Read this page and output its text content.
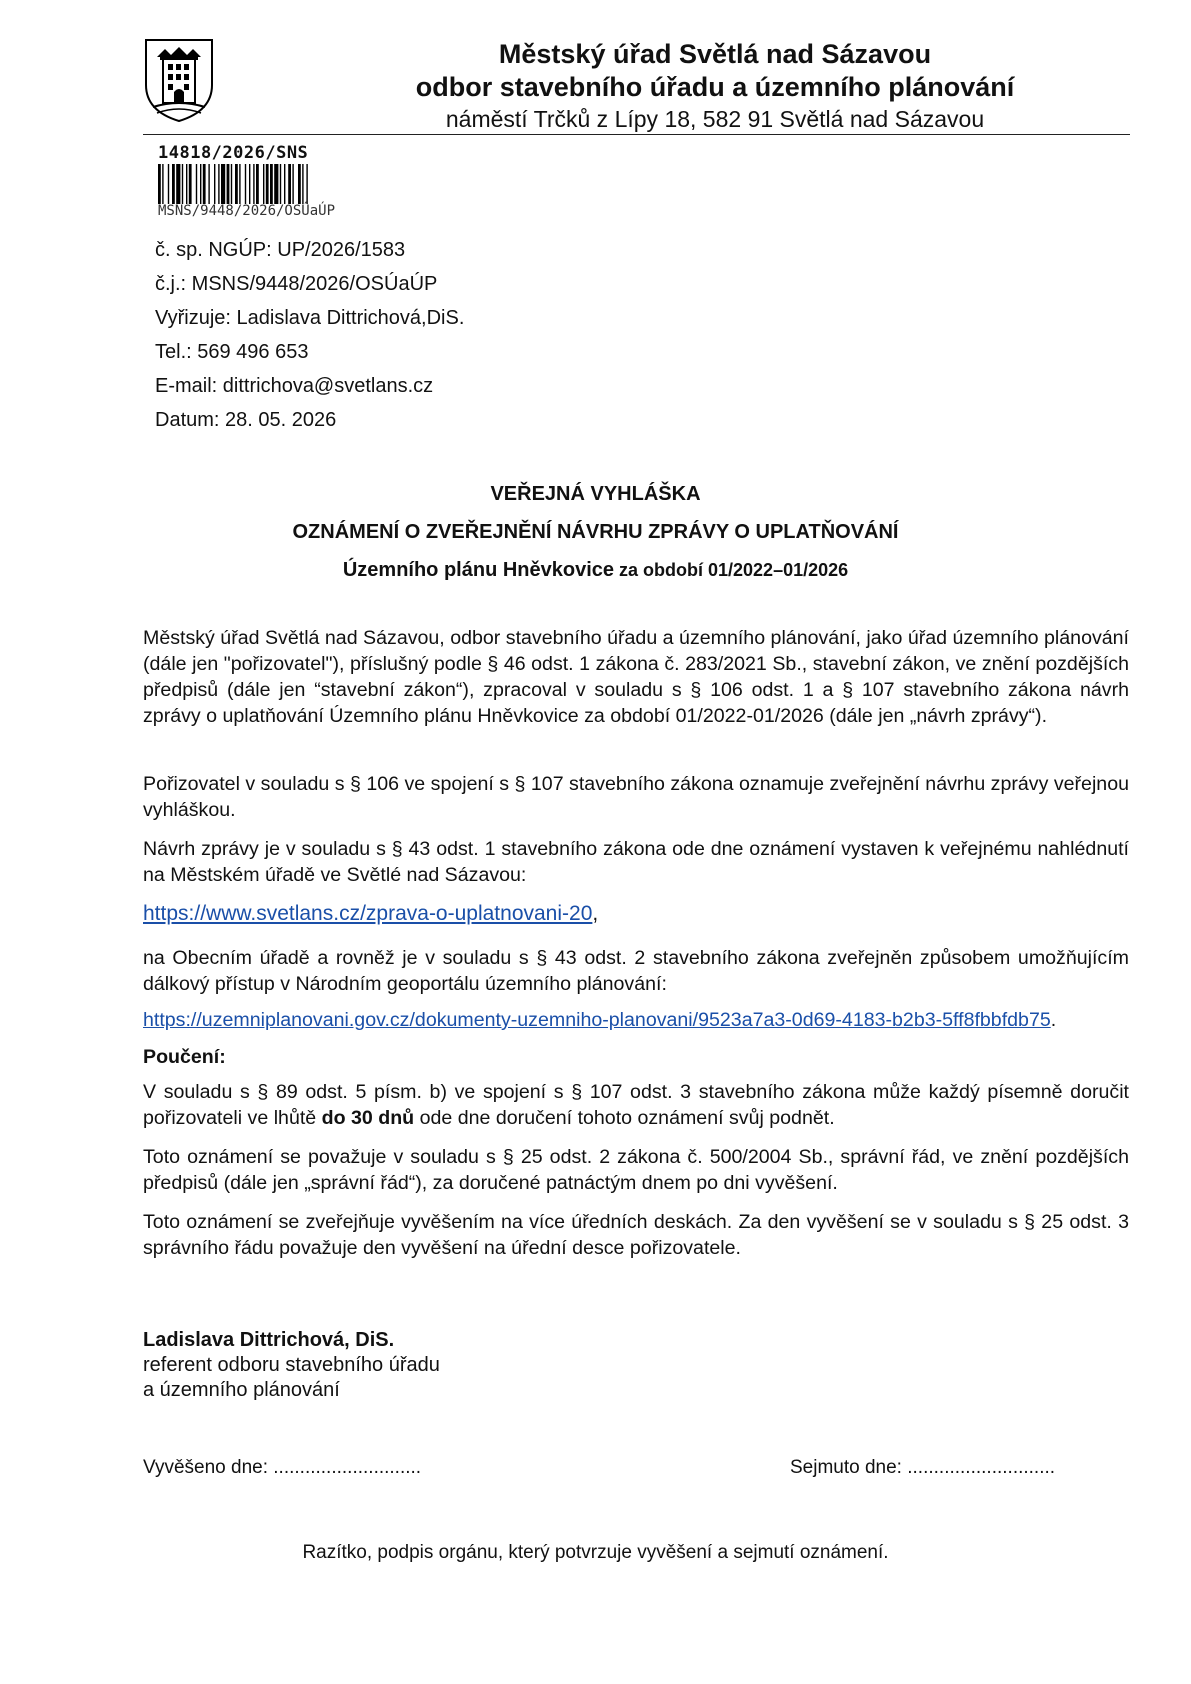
Městský úřad Světlá nad Sázavou
odbor stavebního úřadu a územního plánování
náměstí Trčků z Lípy 18, 582 91 Světlá nad Sázavou
14818/2026/SNS
MSNS/9448/2026/OSÚaÚP
č. sp. NGÚP: UP/2026/1583
č.j.: MSNS/9448/2026/OSÚaÚP
Vyřizuje: Ladislava Dittrichová,DiS.
Tel.: 569 496 653
E-mail: dittrichova@svetlans.cz
Datum: 28. 05. 2026
VEŘEJNÁ VYHLÁŠKA
OZNÁMENÍ O ZVEŘEJNĚNÍ NÁVRHU ZPRÁVY O UPLATŇOVÁNÍ
Územního plánu Hněvkovice za období 01/2022–01/2026
Městský úřad Světlá nad Sázavou, odbor stavebního úřadu a územního plánování, jako úřad územního plánování (dále jen "pořizovatel"), příslušný podle § 46 odst. 1 zákona č. 283/2021 Sb., stavební zákon, ve znění pozdějších předpisů (dále jen “stavební zákon“), zpracoval v souladu s § 106 odst. 1 a § 107 stavebního zákona návrh zprávy o uplatňování Územního plánu Hněvkovice za období 01/2022-01/2026 (dále jen „návrh zprávy“).
Pořizovatel v souladu s § 106 ve spojení s § 107 stavebního zákona oznamuje zveřejnění návrhu zprávy veřejnou vyhláškou.
Návrh zprávy je v souladu s § 43 odst. 1 stavebního zákona ode dne oznámení vystaven k veřejnému nahlédnutí na Městském úřadě ve Světlé nad Sázavou:
https://www.svetlans.cz/zprava-o-uplatnovani-20,
na Obecním úřadě a rovněž je v souladu s § 43 odst. 2 stavebního zákona zveřejněn způsobem umožňujícím dálkový přístup v Národním geoportálu územního plánování:
https://uzemniplanovani.gov.cz/dokumenty-uzemniho-planovani/9523a7a3-0d69-4183-b2b3-5ff8fbbfdb75.
Poučení:
V souladu s § 89 odst. 5 písm. b) ve spojení s § 107 odst. 3 stavebního zákona může každý písemně doručit pořizovateli ve lhůtě do 30 dnů ode dne doručení tohoto oznámení svůj podnět.
Toto oznámení se považuje v souladu s § 25 odst. 2 zákona č. 500/2004 Sb., správní řád, ve znění pozdějších předpisů (dále jen „správní řád“), za doručené patnáctým dnem po dni vyvěšení.
Toto oznámení se zveřejňuje vyvěšením na více úředních deskách. Za den vyvěšení se v souladu s § 25 odst. 3 správního řádu považuje den vyvěšení na úřední desce pořizovatele.
Ladislava Dittrichová, DiS.
referent odboru stavebního úřadu
a územního plánování
Vyvěšeno dne: ............................	Sejmuto dne: ............................
Razítko, podpis orgánu, který potvrzuje vyvěšení a sejmutí oznámení.
